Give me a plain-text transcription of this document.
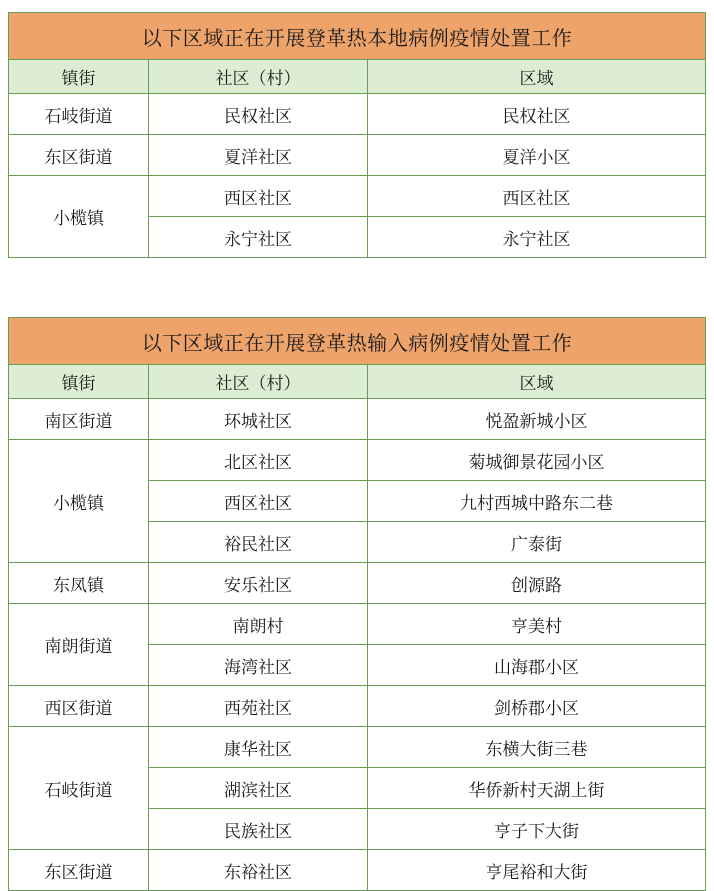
以下区域正在开展登革热本地病例疫情处置工作		
镇街	社区（村）	区域
石岐街道	民权社区	民权社区
东区街道	夏洋社区	夏洋小区
小榄镇	西区社区	西区社区
	永宁社区	永宁社区
以下区域正在开展登革热输入病例疫情处置工作		
镇街	社区（村）	区域
南区街道	环城社区	悦盈新城小区
小榄镇	北区社区	菊城御景花园小区
	西区社区	九村西城中路东二巷
	裕民社区	广泰街
东凤镇	安乐社区	创源路
南朗街道	南朗村	亨美村
	海湾社区	山海郡小区
西区街道	西苑社区	剑桥郡小区
石岐街道	康华社区	东横大街三巷
	湖滨社区	华侨新村天湖上街
	民族社区	亨子下大街
东区街道	东裕社区	亨尾裕和大街
